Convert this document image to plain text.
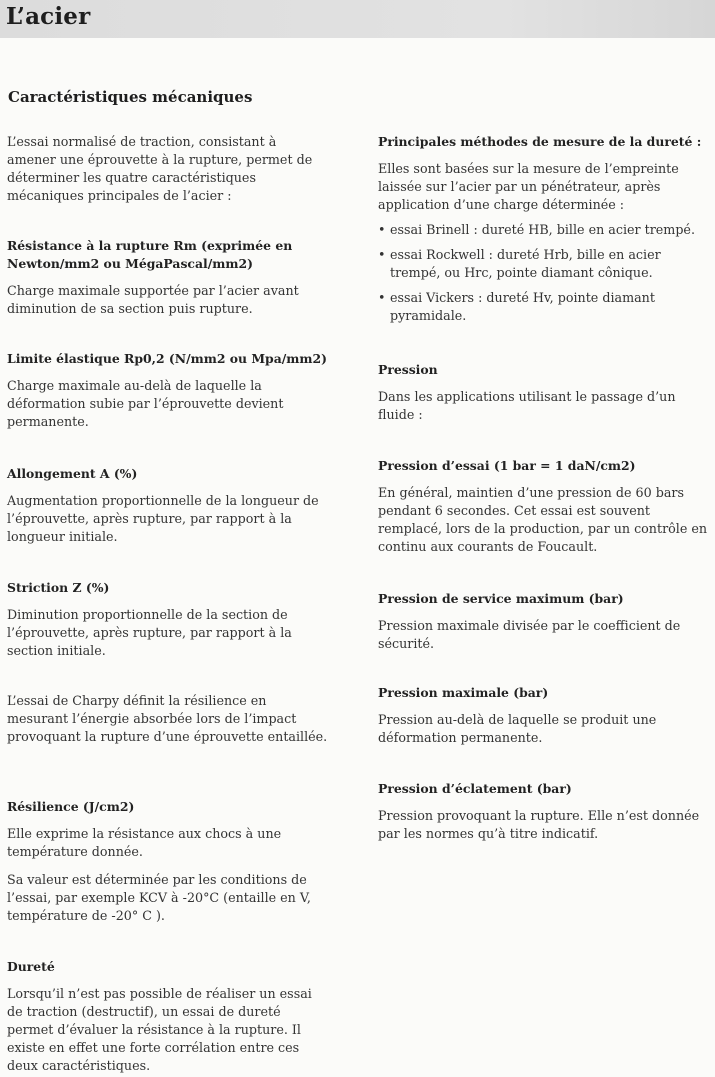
L’acier
Caractéristiques mécaniques

L’essai normalisé de traction, consistant à amener une éprouvette à la rupture, permet de déterminer les quatre caractéristiques mécaniques principales de l’acier :

Résistance à la rupture Rm (exprimée en Newton/mm2 ou MégaPascal/mm2)

Charge maximale supportée par l’acier avant diminution de sa section puis rupture.

Limite élastique Rp0,2 (N/mm2 ou Mpa/mm2)

Charge maximale au-delà de laquelle la déformation subie par l’éprouvette devient permanente.

Allongement A (%)

Augmentation proportionnelle de la longueur de l’éprouvette, après rupture, par rapport à la longueur initiale.

Striction Z (%)

Diminution proportionnelle de la section de l’éprouvette, après rupture, par rapport à la section initiale.

L’essai de Charpy définit la résilience en mesurant l’énergie absorbée lors de l’impact provoquant la rupture d’une éprouvette entaillée.

Résilience (J/cm2)

Elle exprime la résistance aux chocs à une température donnée.

Sa valeur est déterminée par les conditions de l’essai, par exemple KCV à -20°C (entaille en V, température de -20° C ).

Dureté

Lorsqu’il n’est pas possible de réaliser un essai de traction (destructif), un essai de dureté permet d’évaluer la résistance à la rupture. Il existe en effet une forte corrélation entre ces deux caractéristiques.

Principales méthodes de mesure de la dureté :

Elles sont basées sur la mesure de l’empreinte laissée sur l’acier par un pénétrateur, après application d’une charge déterminée :

• essai Brinell : dureté HB, bille en acier trempé.
• essai Rockwell : dureté Hrb, bille en acier trempé, ou Hrc, pointe diamant cônique.
• essai Vickers : dureté Hv, pointe diamant pyramidale.
Pression

Dans les applications utilisant le passage d’un fluide :

Pression d’essai (1 bar = 1 daN/cm2)

En général, maintien d’une pression de 60 bars pendant 6 secondes. Cet essai est souvent remplacé, lors de la production, par un contrôle en continu aux courants de Foucault.

Pression de service maximum (bar)

Pression maximale divisée par le coefficient de sécurité.

Pression maximale (bar)

Pression au-delà de laquelle se produit une déformation permanente.

Pression d’éclatement (bar)

Pression provoquant la rupture. Elle n’est donnée par les normes qu’à titre indicatif.
